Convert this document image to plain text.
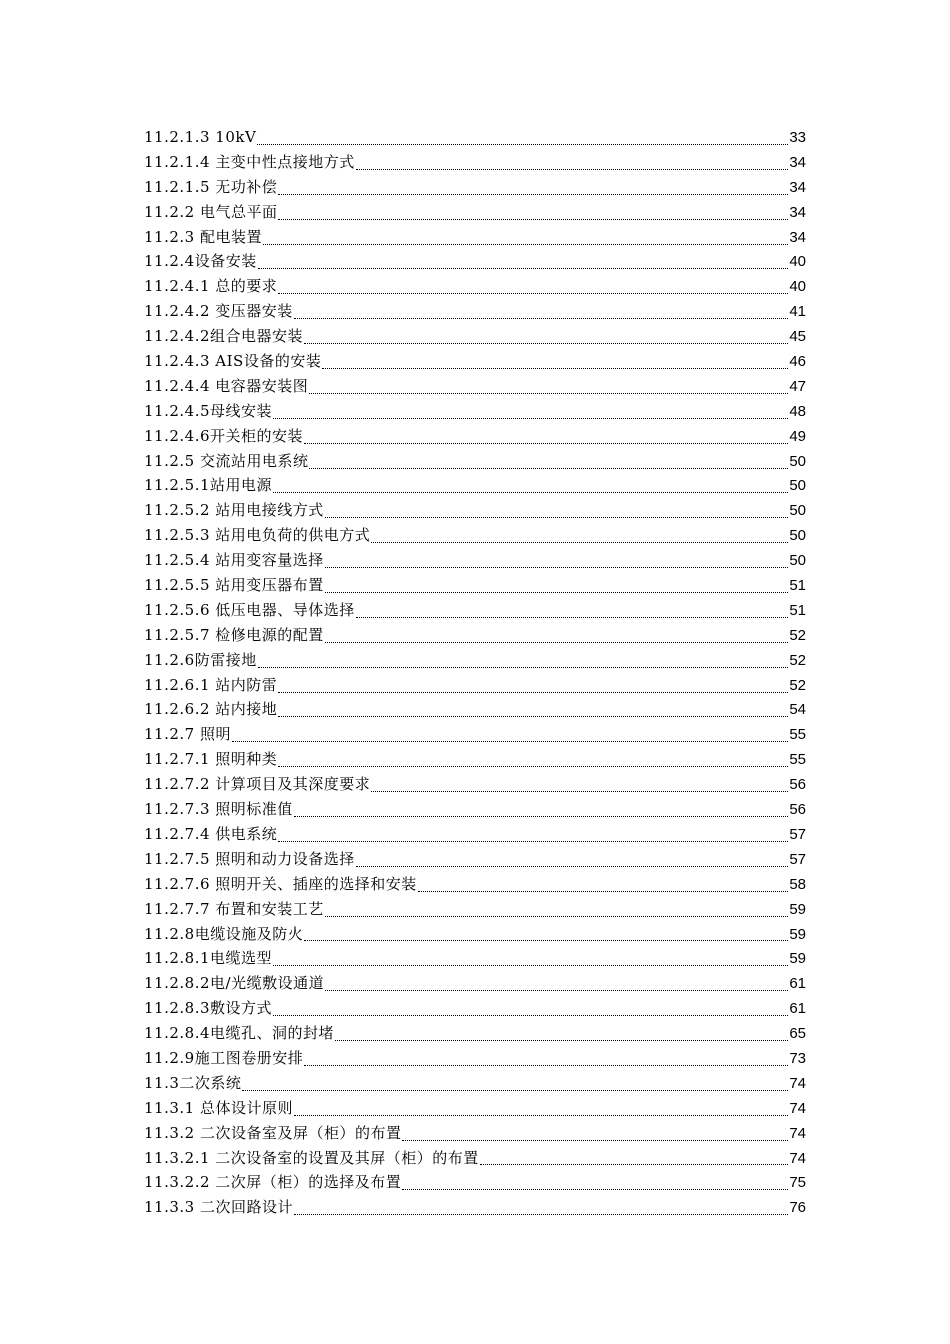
11.2.1.3 10kV	33
11.2.1.4 主变中性点接地方式	34
11.2.1.5 无功补偿	34
11.2.2 电气总平面	34
11.2.3 配电装置	34
11.2.4设备安装	40
11.2.4.1 总的要求	40
11.2.4.2 变压器安装	41
11.2.4.2组合电器安装	45
11.2.4.3 AIS设备的安装	46
11.2.4.4 电容器安装图	47
11.2.4.5母线安装	48
11.2.4.6开关柜的安装	49
11.2.5 交流站用电系统	50
11.2.5.1站用电源	50
11.2.5.2 站用电接线方式	50
11.2.5.3 站用电负荷的供电方式	50
11.2.5.4 站用变容量选择	50
11.2.5.5 站用变压器布置	51
11.2.5.6 低压电器、导体选择	51
11.2.5.7 检修电源的配置	52
11.2.6防雷接地	52
11.2.6.1 站内防雷	52
11.2.6.2 站内接地	54
11.2.7 照明	55
11.2.7.1 照明种类	55
11.2.7.2 计算项目及其深度要求	56
11.2.7.3 照明标准值	56
11.2.7.4 供电系统	57
11.2.7.5 照明和动力设备选择	57
11.2.7.6 照明开关、插座的选择和安装	58
11.2.7.7 布置和安装工艺	59
11.2.8电缆设施及防火	59
11.2.8.1电缆选型	59
11.2.8.2电/光缆敷设通道	61
11.2.8.3敷设方式	61
11.2.8.4电缆孔、洞的封堵	65
11.2.9施工图卷册安排	73
11.3二次系统	74
11.3.1 总体设计原则	74
11.3.2 二次设备室及屏（柜）的布置	74
11.3.2.1 二次设备室的设置及其屏（柜）的布置	74
11.3.2.2 二次屏（柜）的选择及布置	75
11.3.3 二次回路设计	76
